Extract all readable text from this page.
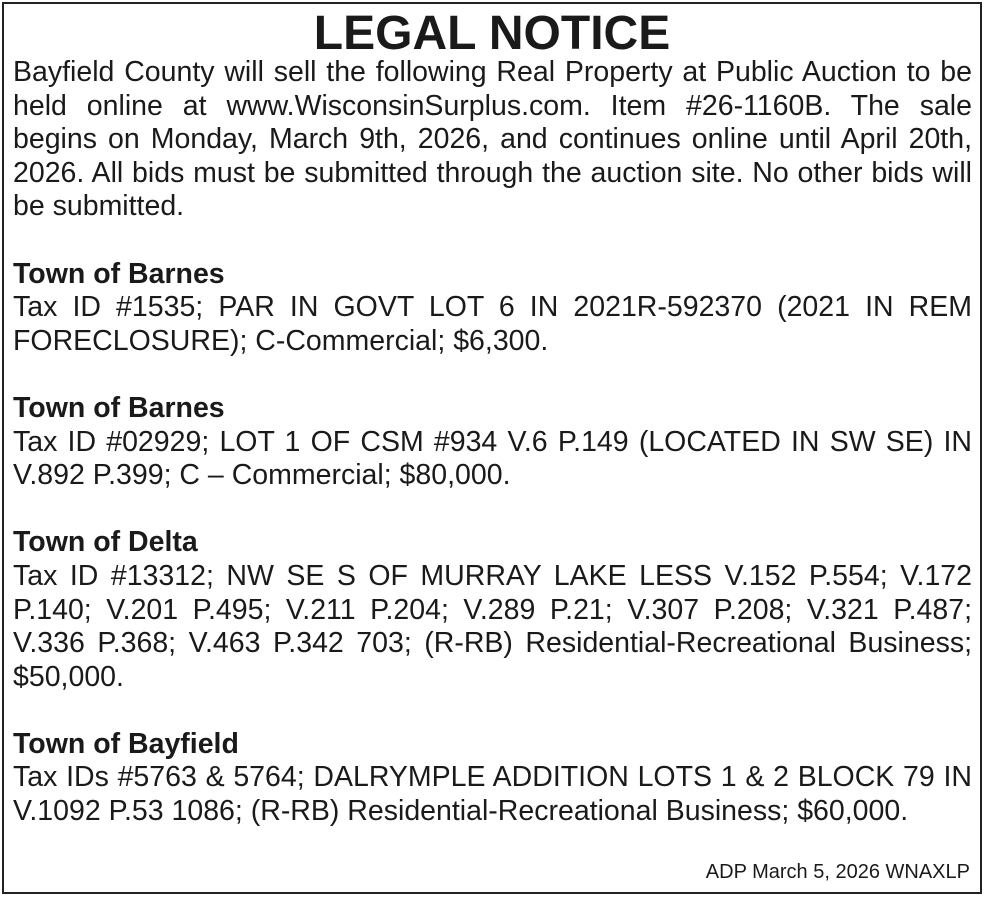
LEGAL NOTICE

Bayfield County will sell the following Real Property at Public Auction to be held online at www.WisconsinSurplus.com. Item #26-1160B. The sale begins on Monday, March 9th, 2026, and continues online until April 20th, 2026. All bids must be submitted through the auction site. No other bids will be submitted.

Town of Barnes

Tax ID #1535; PAR IN GOVT LOT 6 IN 2021R-592370 (2021 IN REM FORECLOSURE); C-Commercial; $6,300.

Town of Barnes

Tax ID #02929; LOT 1 OF CSM #934 V.6 P.149 (LOCATED IN SW SE) IN V.892 P.399; C – Commercial; $80,000.

Town of Delta

Tax ID #13312; NW SE S OF MURRAY LAKE LESS V.152 P.554; V.172 P.140; V.201 P.495; V.211 P.204; V.289 P.21; V.307 P.208; V.321 P.487; V.336 P.368; V.463 P.342 703; (R-RB) Residential-Recreational Business; $50,000.

Town of Bayfield

Tax IDs #5763 & 5764; DALRYMPLE ADDITION LOTS 1 & 2 BLOCK 79 IN V.1092 P.53 1086; (R-RB) Residential-Recreational Business; $60,000.

ADP March 5, 2026 WNAXLP
